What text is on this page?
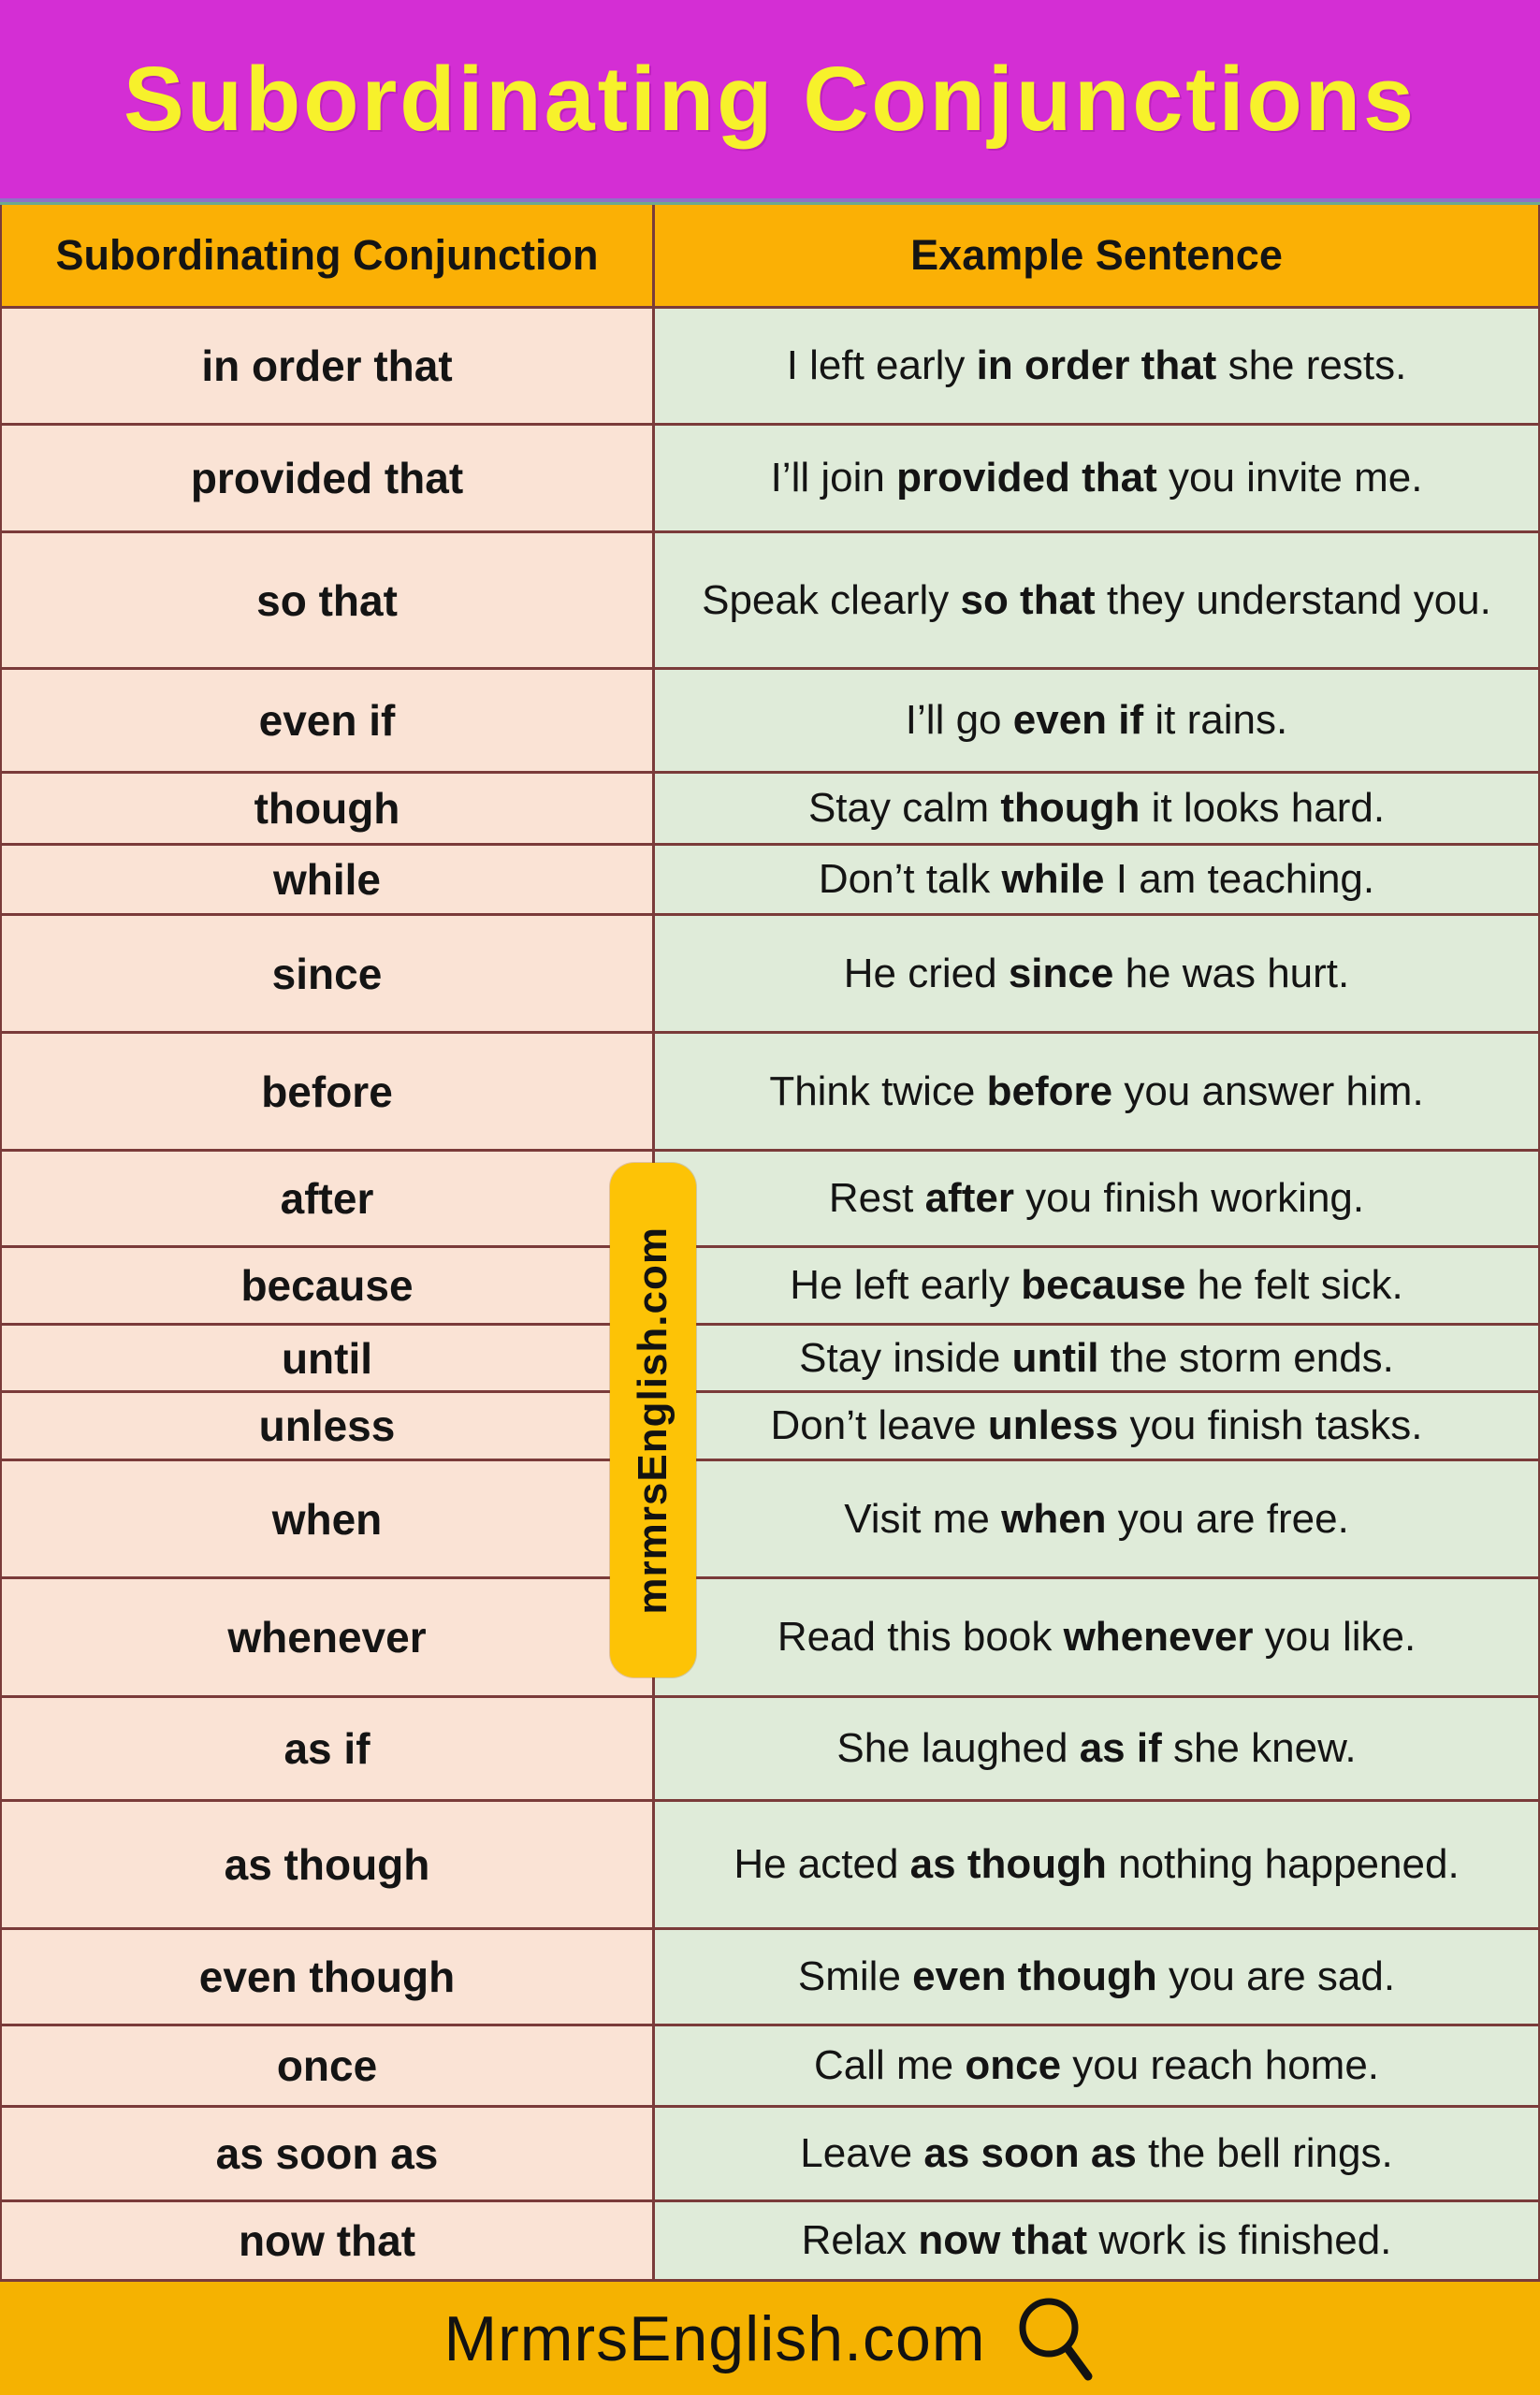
Subordinating Conjunctions
Subordinating Conjunction	Example Sentence
in order that	I left early in order that she rests.
provided that	I’ll join provided that you invite me.
so that	Speak clearly so that they understand you.
even if	I’ll go even if it rains.
though	Stay calm though it looks hard.
while	Don’t talk while I am teaching.
since	He cried since he was hurt.
before	Think twice before you answer him.
after	Rest after you finish working.
because	He left early because he felt sick.
until	Stay inside until the storm ends.
unless	Don’t leave unless you finish tasks.
when	Visit me when you are free.
whenever	Read this book whenever you like.
as if	She laughed as if she knew.
as though	He acted as though nothing happened.
even though	Smile even though you are sad.
once	Call me once you reach home.
as soon as	Leave as soon as the bell rings.
now that	Relax now that work is finished.
mrmrsEnglish.com
MrmrsEnglish.com
